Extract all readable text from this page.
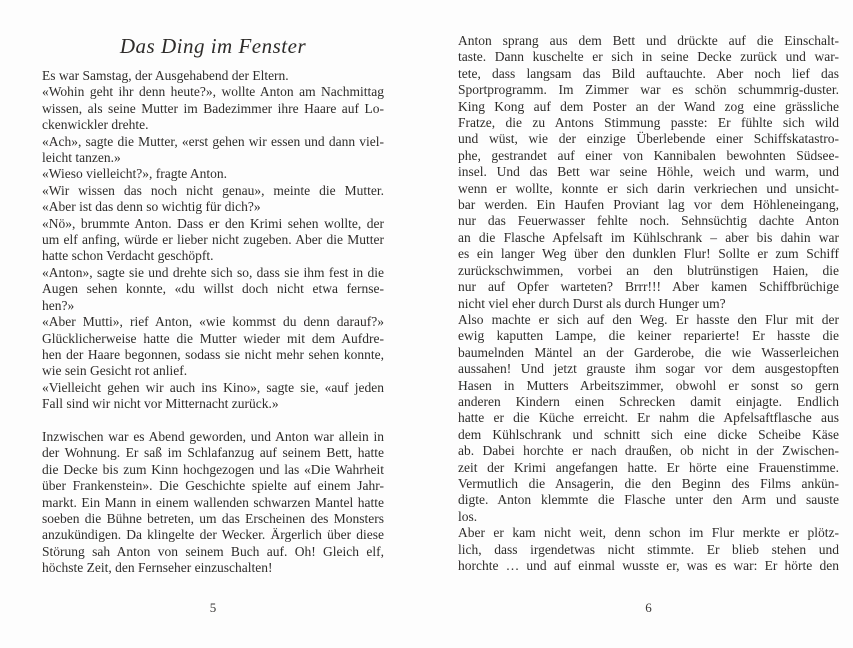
Das Ding im Fenster
Es war Samstag, der Ausgehabend der Eltern.
«Wohin geht ihr denn heute?», wollte Anton am Nachmittag
wissen, als seine Mutter im Badezimmer ihre Haare auf Lo-
ckenwickler drehte.
«Ach», sagte die Mutter, «erst gehen wir essen und dann viel-
leicht tanzen.»
«Wieso vielleicht?», fragte Anton.
«Wir wissen das noch nicht genau», meinte die Mutter.
«Aber ist das denn so wichtig für dich?»
«Nö», brummte Anton. Dass er den Krimi sehen wollte, der
um elf anfing, würde er lieber nicht zugeben. Aber die Mutter
hatte schon Verdacht geschöpft.
«Anton», sagte sie und drehte sich so, dass sie ihm fest in die
Augen sehen konnte, «du willst doch nicht etwa fernse-
hen?»
«Aber Mutti», rief Anton, «wie kommst du denn darauf?»
Glücklicherweise hatte die Mutter wieder mit dem Aufdre-
hen der Haare begonnen, sodass sie nicht mehr sehen konnte,
wie sein Gesicht rot anlief.
«Vielleicht gehen wir auch ins Kino», sagte sie, «auf jeden
Fall sind wir nicht vor Mitternacht zurück.»
Inzwischen war es Abend geworden, und Anton war allein in
der Wohnung. Er saß im Schlafanzug auf seinem Bett, hatte
die Decke bis zum Kinn hochgezogen und las «Die Wahrheit
über Frankenstein». Die Geschichte spielte auf einem Jahr-
markt. Ein Mann in einem wallenden schwarzen Mantel hatte
soeben die Bühne betreten, um das Erscheinen des Monsters
anzukündigen. Da klingelte der Wecker. Ärgerlich über diese
Störung sah Anton von seinem Buch auf. Oh! Gleich elf,
höchste Zeit, den Fernseher einzuschalten!
5
Anton sprang aus dem Bett und drückte auf die Einschalt-
taste. Dann kuschelte er sich in seine Decke zurück und war-
tete, dass langsam das Bild auftauchte. Aber noch lief das
Sportprogramm. Im Zimmer war es schön schummrig-duster.
King Kong auf dem Poster an der Wand zog eine grässliche
Fratze, die zu Antons Stimmung passte: Er fühlte sich wild
und wüst, wie der einzige Überlebende einer Schiffskatastro-
phe, gestrandet auf einer von Kannibalen bewohnten Südsee-
insel. Und das Bett war seine Höhle, weich und warm, und
wenn er wollte, konnte er sich darin verkriechen und unsicht-
bar werden. Ein Haufen Proviant lag vor dem Höhleneingang,
nur das Feuerwasser fehlte noch. Sehnsüchtig dachte Anton
an die Flasche Apfelsaft im Kühlschrank – aber bis dahin war
es ein langer Weg über den dunklen Flur! Sollte er zum Schiff
zurückschwimmen, vorbei an den blutrünstigen Haien, die
nur auf Opfer warteten? Brrr!!! Aber kamen Schiffbrüchige
nicht viel eher durch Durst als durch Hunger um?
Also machte er sich auf den Weg. Er hasste den Flur mit der
ewig kaputten Lampe, die keiner reparierte! Er hasste die
baumelnden Mäntel an der Garderobe, die wie Wasserleichen
aussahen! Und jetzt grauste ihm sogar vor dem ausgestopften
Hasen in Mutters Arbeitszimmer, obwohl er sonst so gern
anderen Kindern einen Schrecken damit einjagte. Endlich
hatte er die Küche erreicht. Er nahm die Apfelsaftflasche aus
dem Kühlschrank und schnitt sich eine dicke Scheibe Käse
ab. Dabei horchte er nach draußen, ob nicht in der Zwischen-
zeit der Krimi angefangen hatte. Er hörte eine Frauenstimme.
Vermutlich die Ansagerin, die den Beginn des Films ankün-
digte. Anton klemmte die Flasche unter den Arm und sauste
los.
Aber er kam nicht weit, denn schon im Flur merkte er plötz-
lich, dass irgendetwas nicht stimmte. Er blieb stehen und
horchte … und auf einmal wusste er, was es war: Er hörte den
6
